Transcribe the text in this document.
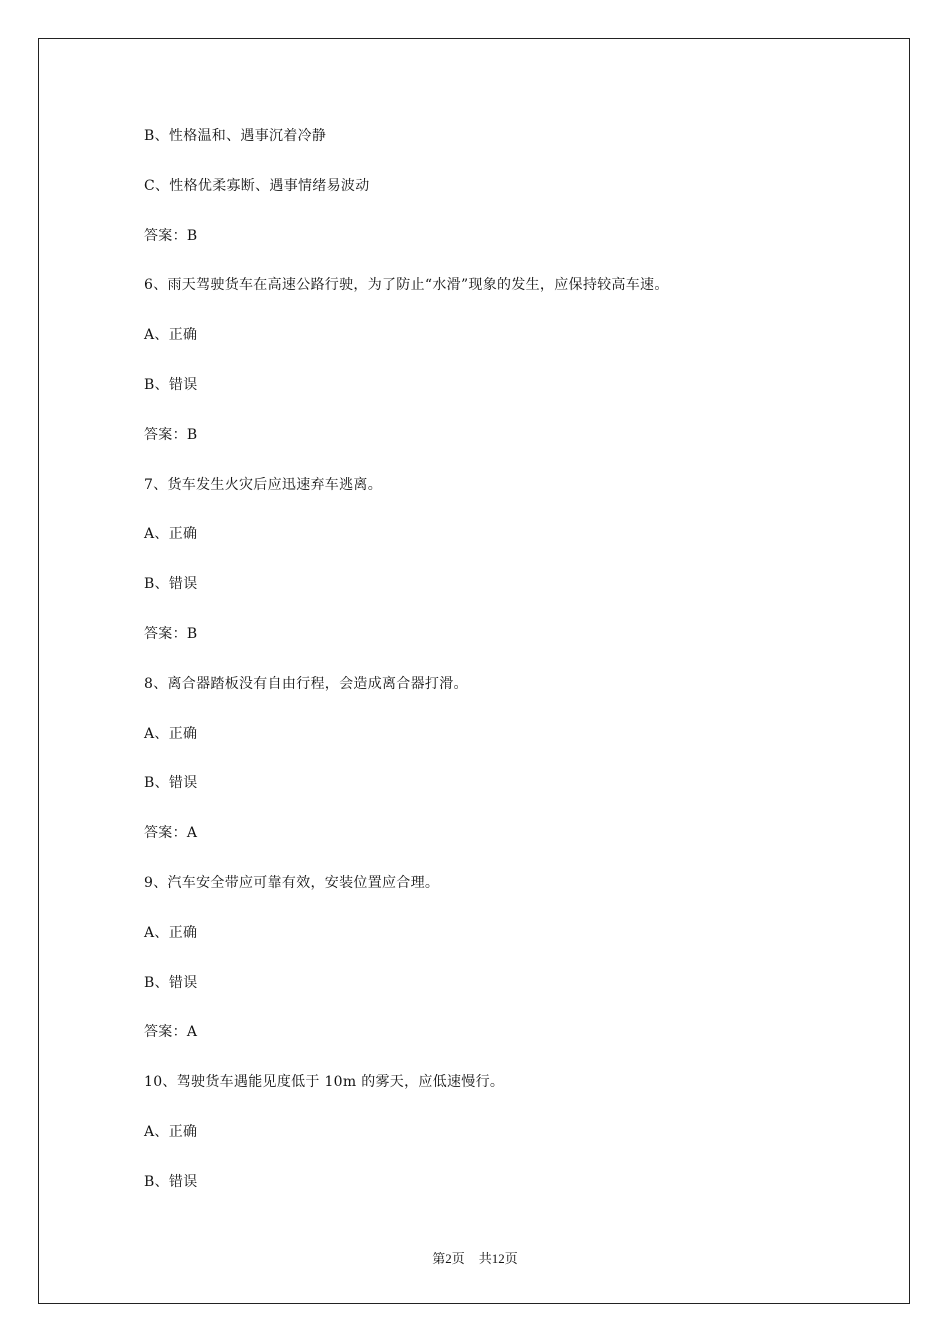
B、性格温和、遇事沉着冷静
C、性格优柔寡断、遇事情绪易波动
答案：B
6、雨天驾驶货车在高速公路行驶，为了防止“水滑”现象的发生，应保持较高车速。
A、正确
B、错误
答案：B
7、货车发生火灾后应迅速弃车逃离。
A、正确
B、错误
答案：B
8、离合器踏板没有自由行程，会造成离合器打滑。
A、正确
B、错误
答案：A
9、汽车安全带应可靠有效，安装位置应合理。
A、正确
B、错误
答案：A
10、驾驶货车遇能见度低于 10m 的雾天，应低速慢行。
A、正确
B、错误
第2页 共12页
